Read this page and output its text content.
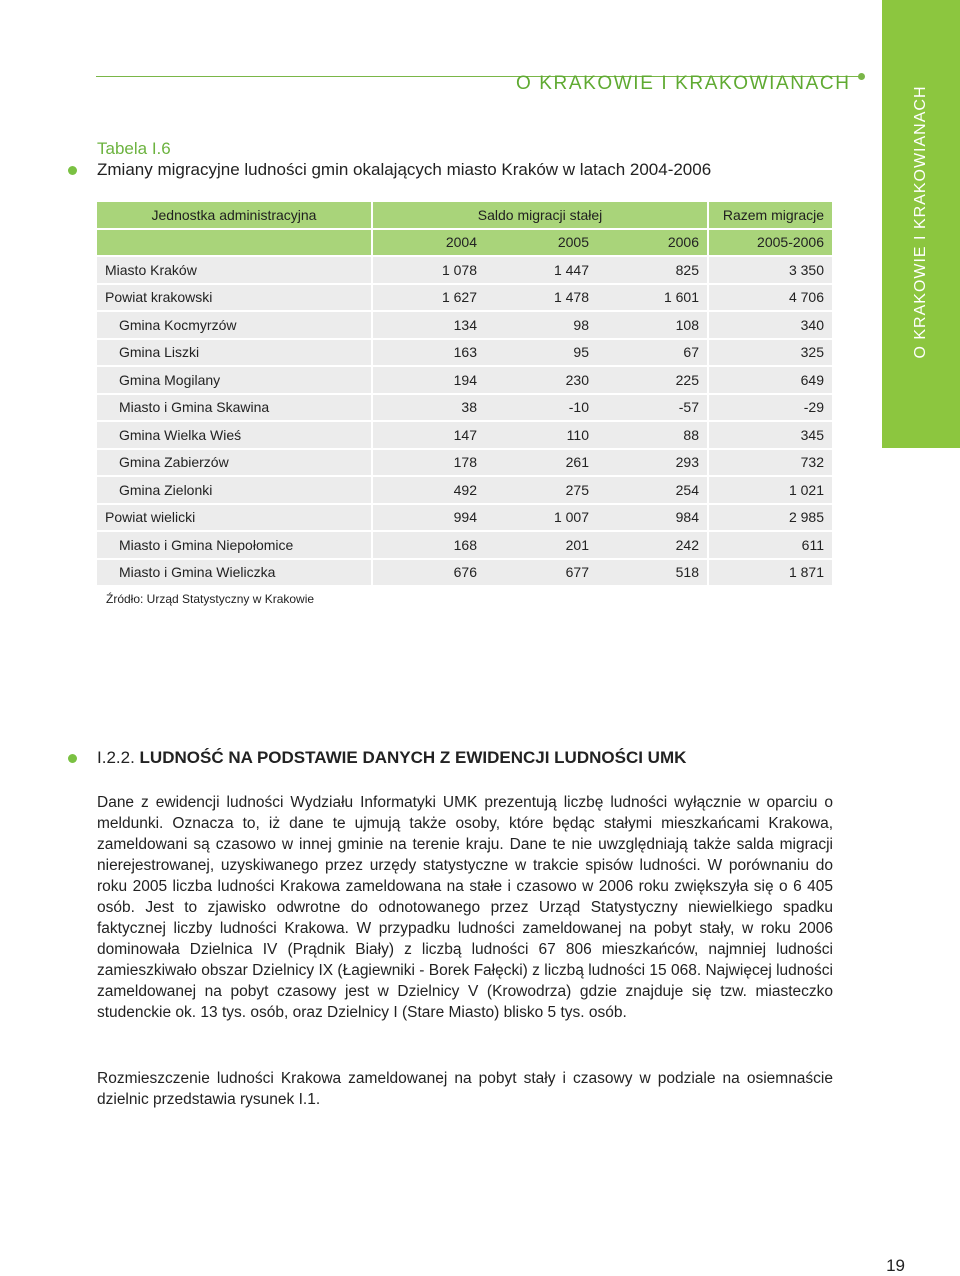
O KRAKOWIE I KRAKOWIANACH
O KRAKOWIE I KRAKOWIANACH
Tabela I.6
Zmiany migracyjne ludności gmin okalających miasto Kraków w latach 2004-2006
Jednostka administracyjna	Saldo migracji stałej			Razem migracje
	2004	2005	2006	2005-2006
Miasto Kraków	1 078	1 447	825	3 350
Powiat krakowski	1 627	1 478	1 601	4 706
Gmina Kocmyrzów	134	98	108	340
Gmina Liszki	163	95	67	325
Gmina Mogilany	194	230	225	649
Miasto i Gmina Skawina	38	-10	-57	-29
Gmina Wielka Wieś	147	110	88	345
Gmina Zabierzów	178	261	293	732
Gmina Zielonki	492	275	254	1 021
Powiat wielicki	994	1 007	984	2 985
Miasto i Gmina Niepołomice	168	201	242	611
Miasto i Gmina Wieliczka	676	677	518	1 871
Źródło: Urząd Statystyczny w Krakowie
I.2.2. LUDNOŚĆ NA PODSTAWIE DANYCH Z EWIDENCJI LUDNOŚCI UMK
Dane z ewidencji ludności Wydziału Informatyki UMK prezentują liczbę ludności wyłącznie w oparciu o meldunki. Oznacza to, iż dane te ujmują także osoby, które będąc stałymi mieszkańcami Krakowa, zameldowani są czasowo w innej gminie na terenie kraju. Dane te nie uwzględniają także salda migracji nierejestrowanej, uzyskiwanego przez urzędy statystyczne w trakcie spisów ludności. W porównaniu do roku 2005 liczba ludności Krakowa zameldowana na stałe i czasowo w 2006 roku zwiększyła się o 6 405 osób. Jest to zjawisko odwrotne do odnotowanego przez Urząd Statystyczny niewielkiego spadku faktycznej liczby ludności Krakowa. W przypadku ludności zameldowanej na pobyt stały, w roku 2006 dominowała Dzielnica IV (Prądnik Biały) z liczbą ludności 67 806 mieszkańców, najmniej ludności zamieszkiwało obszar Dzielnicy IX (Łagiewniki - Borek Fałęcki) z liczbą ludności 15 068. Najwięcej ludności zameldowanej na pobyt czasowy jest w Dzielnicy V (Krowodrza) gdzie znajduje się tzw. miasteczko studenckie ok. 13 tys. osób, oraz Dzielnicy I (Stare Miasto) blisko 5 tys. osób.
Rozmieszczenie ludności Krakowa zameldowanej na pobyt stały i czasowy w podziale na osiemnaście dzielnic przedstawia rysunek I.1.
19
